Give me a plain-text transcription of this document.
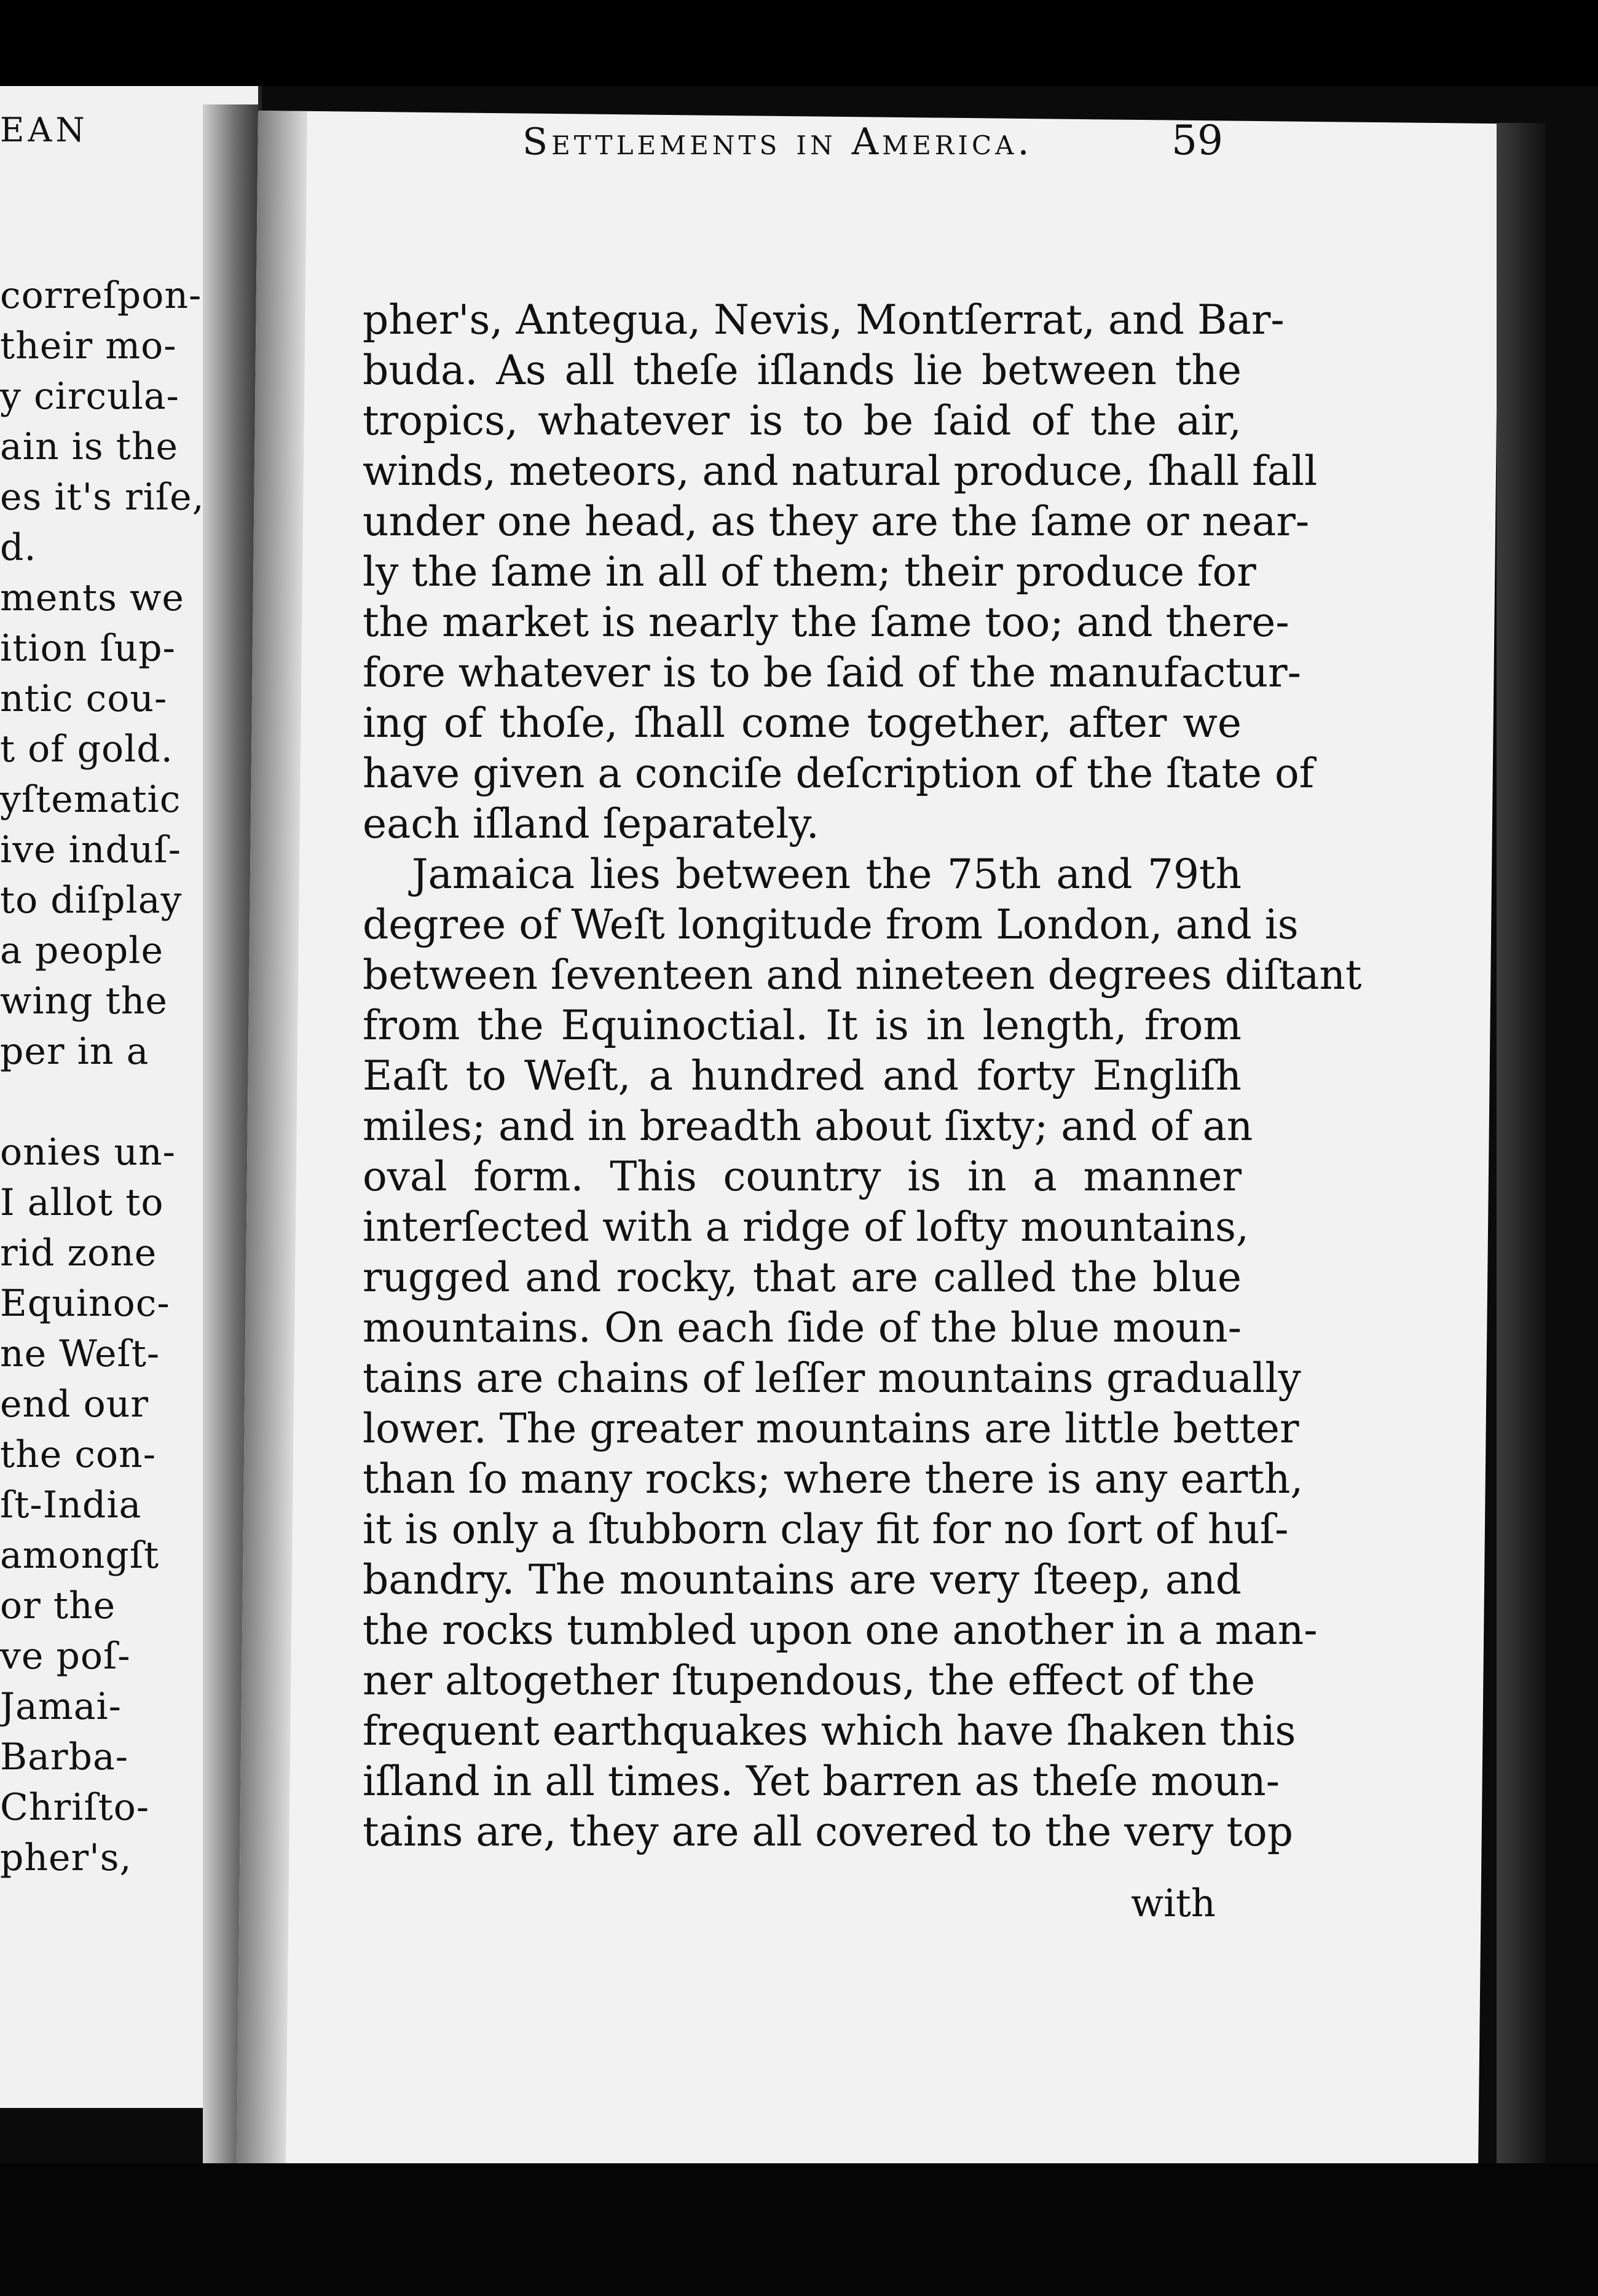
EAN
correſpon-
their mo-
y circula-
ain is the
es it's riſe,
d.
ments we
ition ſup-
ntic cou-
t of gold.
yſtematic
ive induſ-
to diſplay
a people
wing the
per in a

onies un-
I allot to
rid zone
Equinoc-
ne Weſt-
end our
the con-
ſt-India
amongſt
or the
ve poſ-
Jamai-
Barba-
Chriſto-
pher's,
Settlements in America.	59

pher's, Antegua, Nevis, Montſerrat, and Bar-
buda. As all theſe iſlands lie between the
tropics, whatever is to be ſaid of the air,
winds, meteors, and natural produce, ſhall fall
under one head, as they are the ſame or near-
ly the ſame in all of them; their produce for
the market is nearly the ſame too; and there-
fore whatever is to be ſaid of the manufactur-
ing of thoſe, ſhall come together, after we
have given a conciſe deſcription of the ſtate of
each iſland ſeparately.

Jamaica lies between the 75th and 79th
degree of Weſt longitude from London, and is
between ſeventeen and nineteen degrees diſtant
from the Equinoctial. It is in length, from
Eaſt to Weſt, a hundred and forty Engliſh
miles; and in breadth about ſixty; and of an
oval form. This country is in a manner
interſected with a ridge of lofty mountains,
rugged and rocky, that are called the blue
mountains. On each ſide of the blue moun-
tains are chains of leſſer mountains gradually
lower. The greater mountains are little better
than ſo many rocks; where there is any earth,
it is only a ſtubborn clay fit for no ſort of huſ-
bandry. The mountains are very ſteep, and
the rocks tumbled upon one another in a man-
ner altogether ſtupendous, the effect of the
frequent earthquakes which have ſhaken this
iſland in all times. Yet barren as theſe moun-
tains are, they are all covered to the very top

with
